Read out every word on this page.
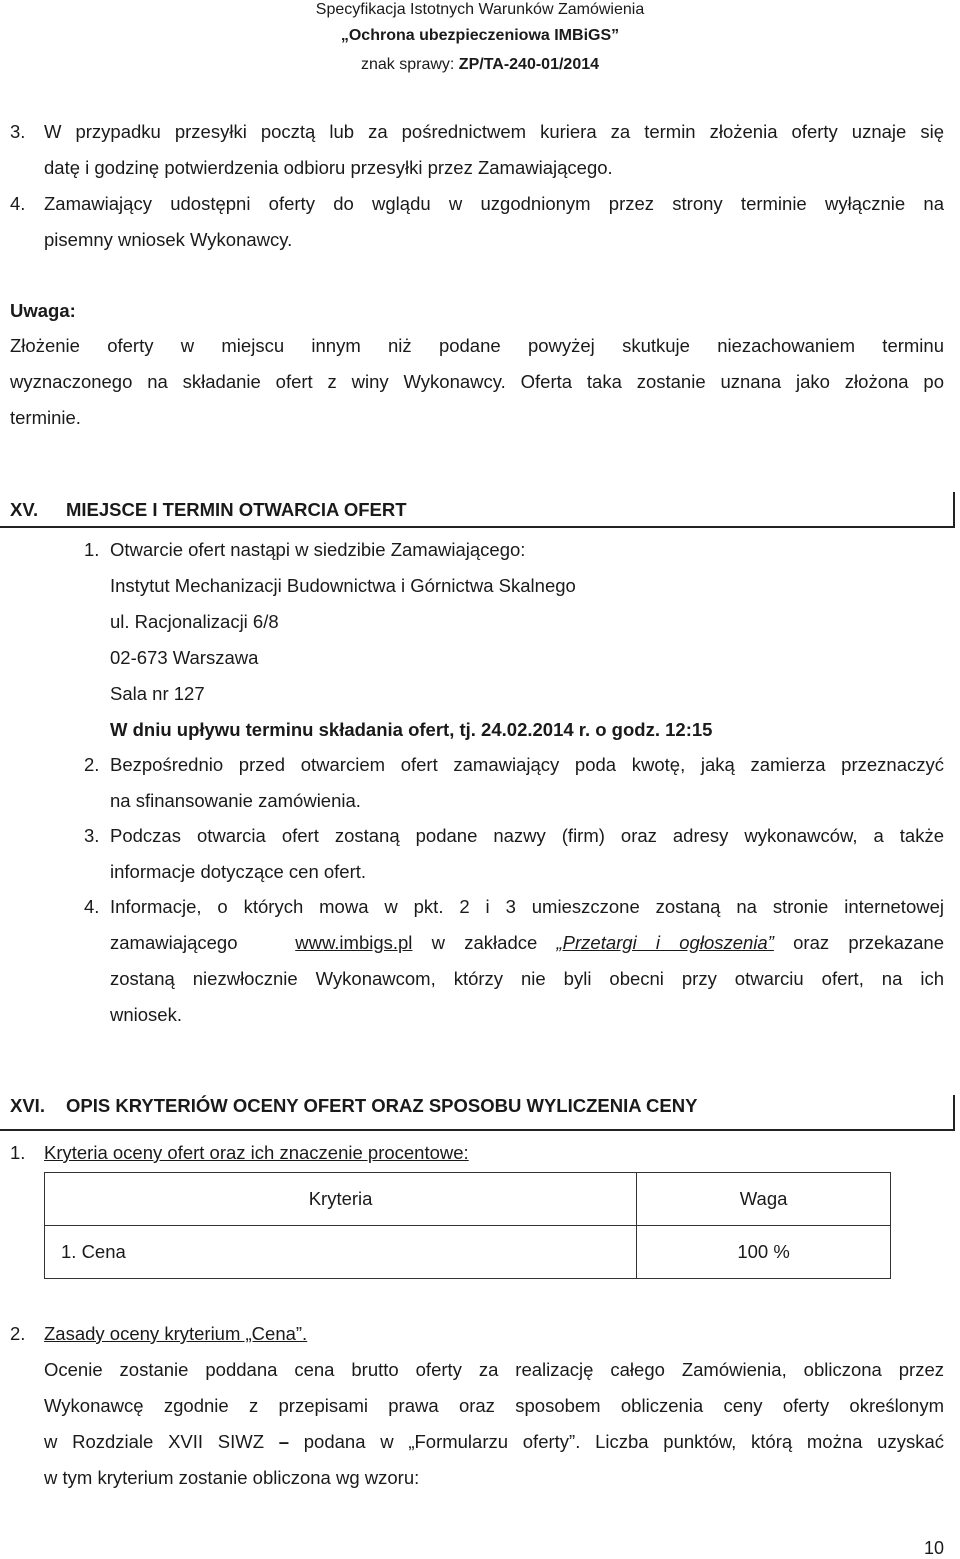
Specyfikacja Istotnych Warunków Zamówienia
„Ochrona ubezpieczeniowa IMBiGS”
znak sprawy: ZP/TA-240-01/2014
3. W przypadku przesyłki pocztą lub za pośrednictwem kuriera za termin złożenia oferty uznaje się
datę i godzinę potwierdzenia odbioru przesyłki przez Zamawiającego.
4. Zamawiający udostępni oferty do wglądu w uzgodnionym przez strony terminie wyłącznie na
pisemny wniosek Wykonawcy.
Uwaga:
Złożenie oferty w miejscu innym niż podane powyżej skutkuje niezachowaniem terminu
wyznaczonego na składanie ofert z winy Wykonawcy. Oferta taka zostanie uznana jako złożona po
terminie.
XV. MIEJSCE I TERMIN OTWARCIA OFERT
1. Otwarcie ofert nastąpi w siedzibie Zamawiającego:
Instytut Mechanizacji Budownictwa i Górnictwa Skalnego
ul. Racjonalizacji 6/8
02-673 Warszawa
Sala nr 127
W dniu upływu terminu składania ofert, tj. 24.02.2014 r. o godz. 12:15
2. Bezpośrednio przed otwarciem ofert zamawiający poda kwotę, jaką zamierza przeznaczyć
na sfinansowanie zamówienia.
3. Podczas otwarcia ofert zostaną podane nazwy (firm) oraz adresy wykonawców, a także
informacje dotyczące cen ofert.
4. Informacje, o których mowa w pkt. 2 i 3 umieszczone zostaną na stronie internetowej
zamawiającego	www.imbigs.pl w zakładce „Przetargi i ogłoszenia” oraz przekazane
zostaną niezwłocznie Wykonawcom, którzy nie byli obecni przy otwarciu ofert, na ich
wniosek.
XVI. OPIS KRYTERIÓW OCENY OFERT ORAZ SPOSOBU WYLICZENIA CENY
1. Kryteria oceny ofert oraz ich znaczenie procentowe:
Kryteria	Waga
1. Cena	100 %
2. Zasady oceny kryterium „Cena”.
Ocenie zostanie poddana cena brutto oferty za realizację całego Zamówienia, obliczona przez
Wykonawcę zgodnie z przepisami prawa oraz sposobem obliczenia ceny oferty określonym
w Rozdziale XVII SIWZ – podana w „Formularzu oferty”. Liczba punktów, którą można uzyskać
w tym kryterium zostanie obliczona wg wzoru:
10
